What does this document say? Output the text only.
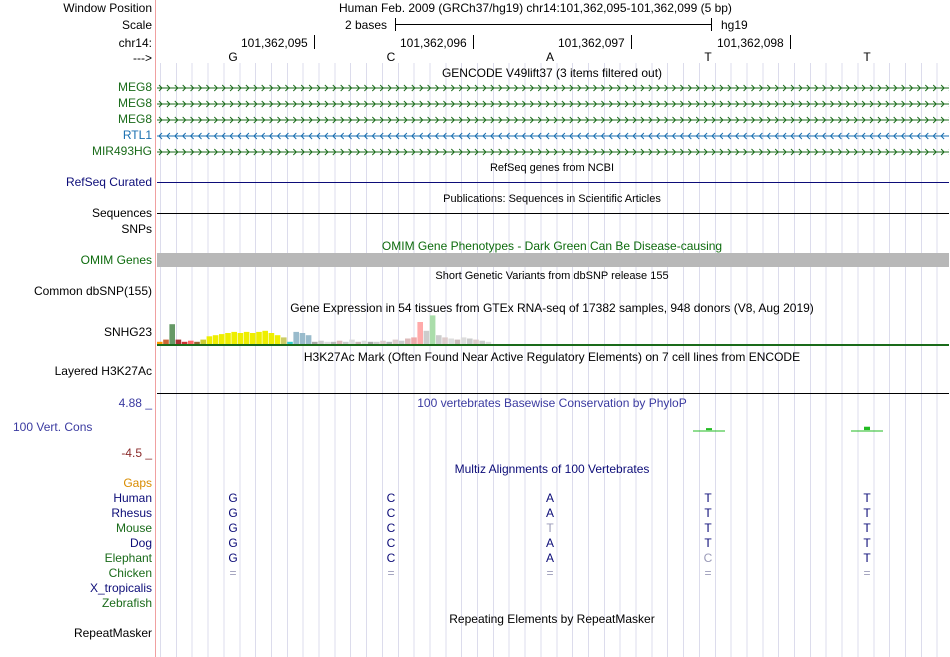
Window Position	Human Feb. 2009 (GRCh37/hg19) chr14:101,362,095-101,362,099 (5 bp)
Scale	2 bases	hg19
chr14:	101,362,095	101,362,096	101,362,097	101,362,098
--->	G	C	A	T	T
GENCODE V49lift37 (3 items filtered out)
MEG8
MEG8
MEG8
RTL1
MIR493HG
RefSeq genes from NCBI
RefSeq Curated
Publications: Sequences in Scientific Articles
Sequences
SNPs
OMIM Gene Phenotypes - Dark Green Can Be Disease-causing
OMIM Genes
Short Genetic Variants from dbSNP release 155
Common dbSNP(155)
Gene Expression in 54 tissues from GTEx RNA-seq of 17382 samples, 948 donors (V8, Aug 2019)
SNHG23
H3K27Ac Mark (Often Found Near Active Regulatory Elements) on 7 cell lines from ENCODE
Layered H3K27Ac
100 vertebrates Basewise Conservation by PhyloP
4.88 _
100 Vert. Cons
-4.5 _
Multiz Alignments of 100 Vertebrates
Gaps
Human	G	C	A	T	T
Rhesus	G	C	A	T	T
Mouse	G	C	T	T	T
Dog	G	C	A	T	T
Elephant	G	C	A	C	T
Chicken	=	=	=	=	=
X_tropicalis
Zebrafish
Repeating Elements by RepeatMasker
RepeatMasker
